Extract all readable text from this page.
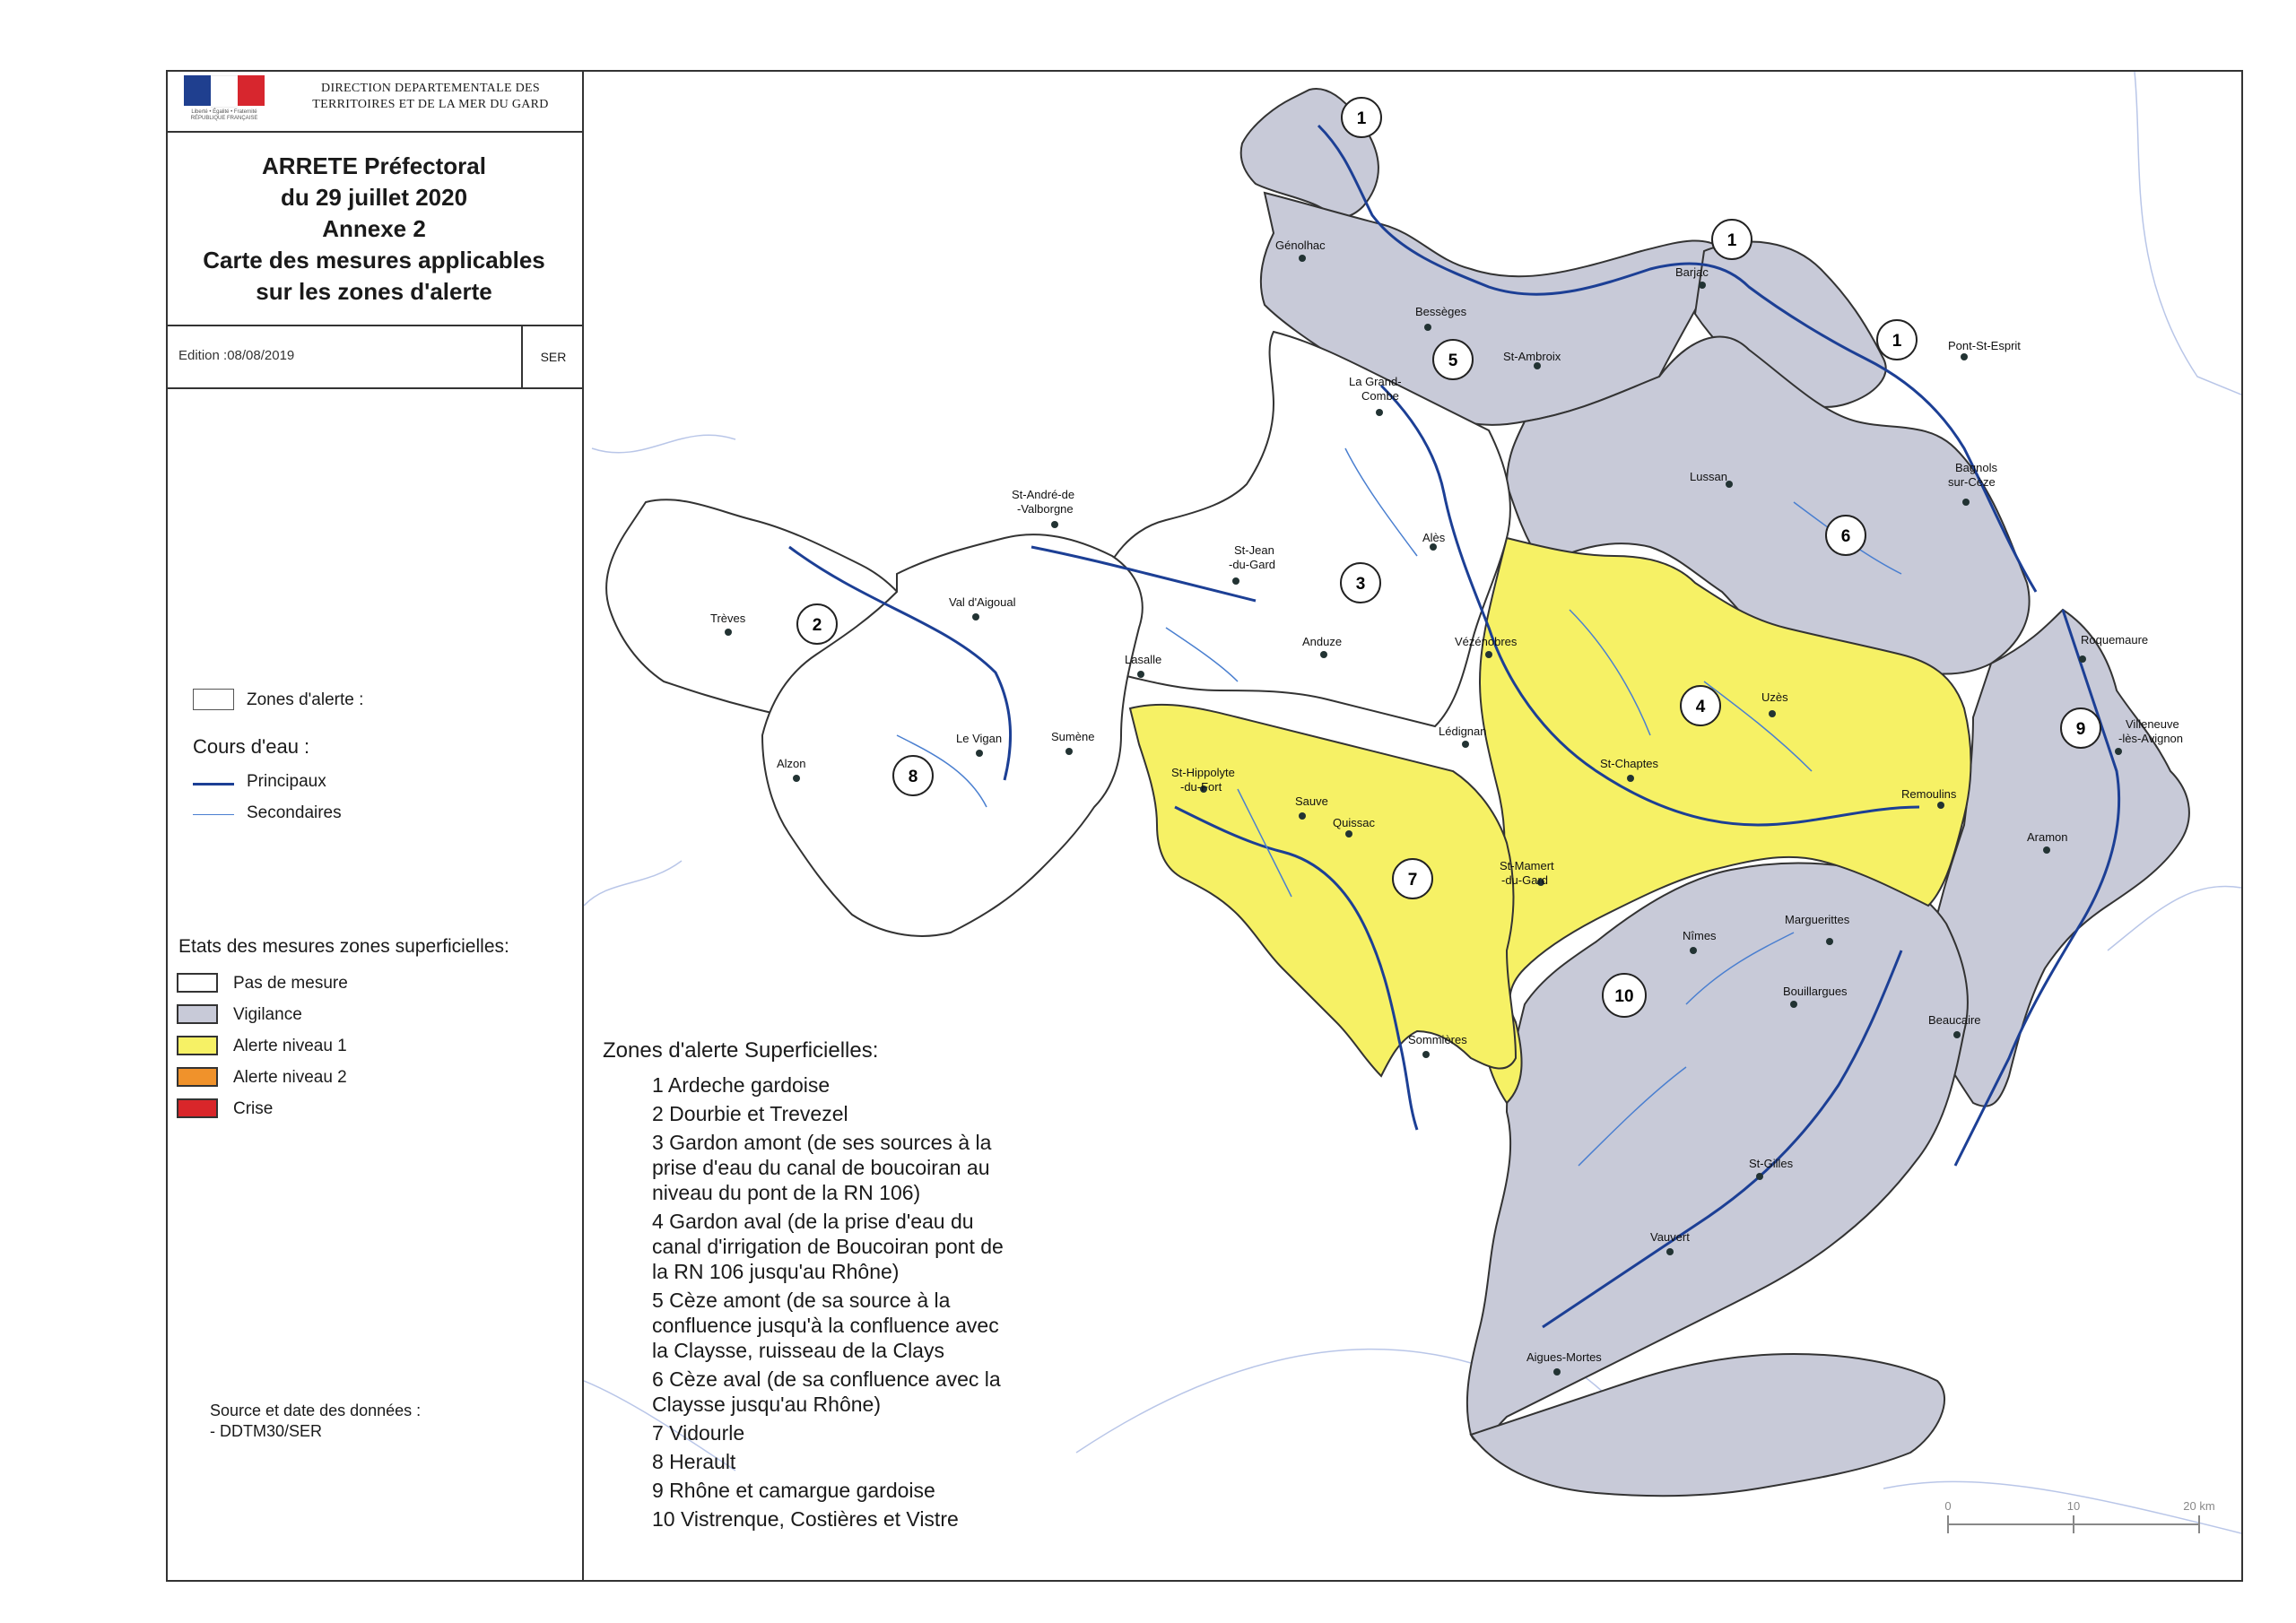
Liberté • Égalité • Fraternité
RÉPUBLIQUE FRANÇAISE
DIRECTION DEPARTEMENTALE DES
TERRITOIRES ET DE LA MER DU GARD
ARRETE Préfectoral
du 29 juillet 2020
Annexe 2
Carte des mesures applicables
sur les zones d'alerte
Edition :08/08/2019	SER
Zones d'alerte :
Cours d'eau :
Principaux
Secondaires
Etats des mesures zones superficielles:
Pas de mesure
Vigilance
Alerte niveau 1
Alerte niveau 2
Crise
Source et date des données :
- DDTM30/SER
Génolhac
Barjac
Bessèges
St-Ambroix
Pont-St-Esprit
La Grand-
Combe
Lussan
Bagnols
sur-Cèze
St-André-de
-Valborgne
St-Jean
-du-Gard
Alès
Val d'Aigoual
Trèves
Anduze	Vézénobres	Roquemaure
Lasalle
Uzès
Lédignan
Villeneuve
-lès-Avignon
Sumène
Le Vigan
St-Chaptes
Alzon
St-Hippolyte
-du-Fort
Sauve
Remoulins
Quissac
Aramon
St-Mamert
-du-Gard
Marguerittes
Nîmes
Bouillargues
Beaucaire
Sommières
St-Gilles
Vauvert
Aigues-Mortes
1
1
1
2
3
4
5
6
7
8
9
10
0	10	20 km
Zones d'alerte Superficielles:
1 Ardeche gardoise
2 Dourbie et Trevezel
3 Gardon amont (de ses sources à la
prise d'eau du canal de boucoiran au
niveau du pont de la RN 106)
4 Gardon aval (de la prise d'eau du
canal d'irrigation de Boucoiran pont de
la RN 106 jusqu'au Rhône)
5 Cèze amont (de sa source à la
confluence jusqu'à la confluence avec
la Claysse, ruisseau de la Clays
6 Cèze aval (de sa confluence avec la
Claysse jusqu'au Rhône)
7 Vidourle
8 Herault
9 Rhône et camargue gardoise
10 Vistrenque, Costières et Vistre
